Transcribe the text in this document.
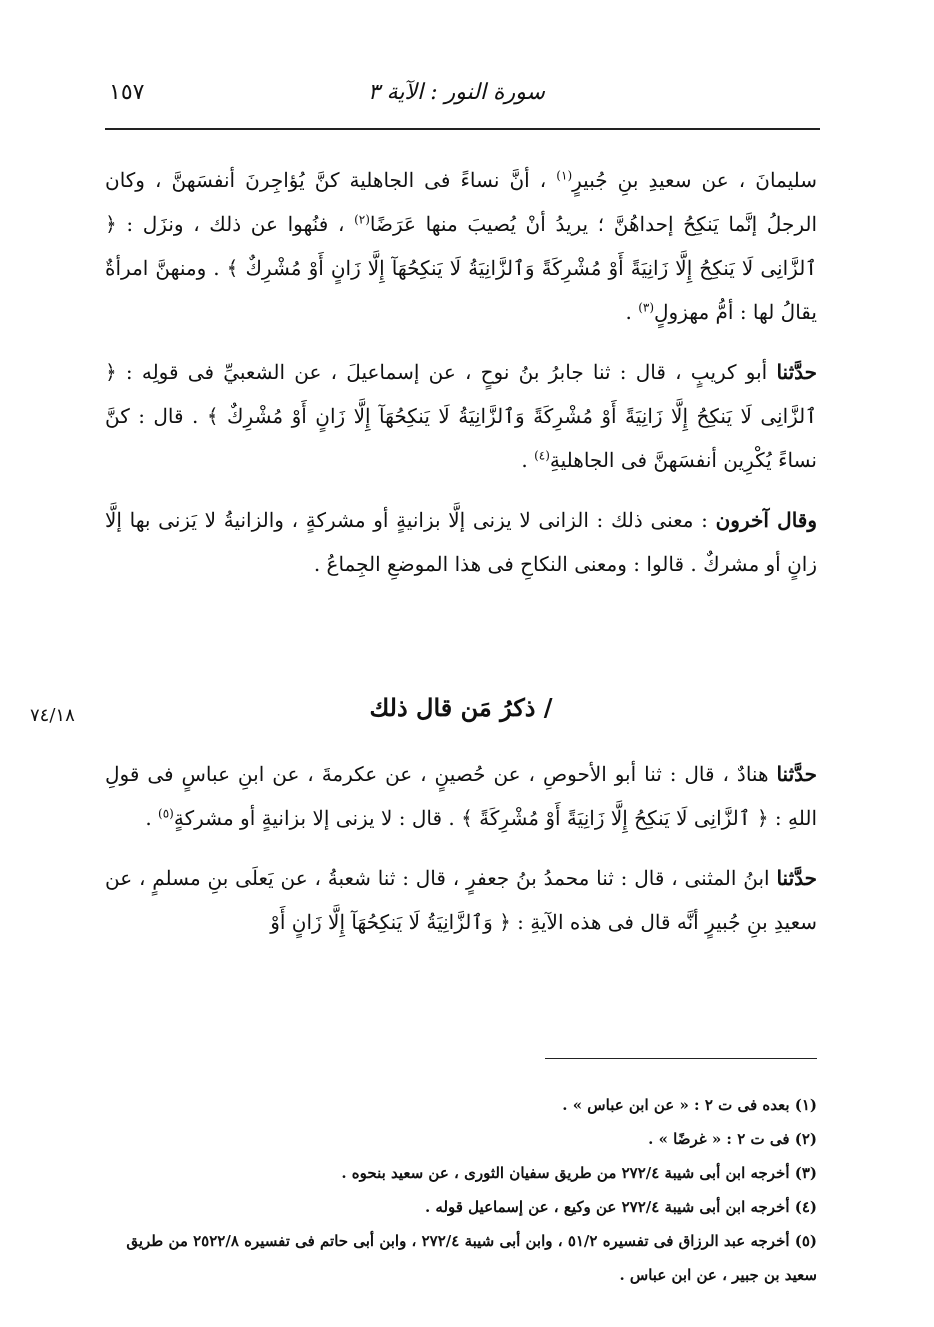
سورة النور : الآية ٣
١٥٧

سليمانَ ، عن سعيدِ بنِ جُبيرٍ$^{(١)}$ ، أنَّ نساءً فى الجاهلية كنَّ يُؤاجِرنَ أنفسَهنَّ ، وكان الرجلُ إنَّما يَنكِحُ إحداهُنَّ ؛ يريدُ أنْ يُصيبَ منها عَرَضًا$^{(٢)}$ ، فنُهوا عن ذلك ، ونزَل : ﴿ ٱلزَّانِى لَا يَنكِحُ إِلَّا زَانِيَةً أَوْ مُشْرِكَةً وَٱلزَّانِيَةُ لَا يَنكِحُهَآ إِلَّا زَانٍ أَوْ مُشْرِكٌ ﴾ . ومنهنَّ امرأةٌ يقالُ لها : أمُّ مهزولٍ$^{(٣)}$ .

حدَّثنا أبو كريبٍ ، قال : ثنا جابرُ بنُ نوحٍ ، عن إسماعيلَ ، عن الشعبيِّ فى قولِه : ﴿ ٱلزَّانِى لَا يَنكِحُ إِلَّا زَانِيَةً أَوْ مُشْرِكَةً وَٱلزَّانِيَةُ لَا يَنكِحُهَآ إِلَّا زَانٍ أَوْ مُشْرِكٌ ﴾ . قال : كنَّ نساءً يُكْرِين أنفسَهنَّ فى الجاهليةِ$^{(٤)}$ .

وقال آخرون : معنى ذلك : الزانى لا يزنى إلَّا بزانيةٍ أو مشركةٍ ، والزانيةُ لا يَزنى بها إلَّا زانٍ أو مشركٌ . قالوا : ومعنى النكاحِ فى هذا الموضعِ الجِماعُ .

/ ذكرُ مَن قال ذلك
٧٤/١٨

حدَّثنا هنادٌ ، قال : ثنا أبو الأحوصِ ، عن حُصينٍ ، عن عكرمةَ ، عن ابنِ عباسٍ فى قولِ اللهِ : ﴿ ٱلزَّانِى لَا يَنكِحُ إِلَّا زَانِيَةً أَوْ مُشْرِكَةً ﴾ . قال : لا يزنى إلا بزانيةٍ أو مشركةٍ$^{(٥)}$ .

حدَّثنا ابنُ المثنى ، قال : ثنا محمدُ بنُ جعفرٍ ، قال : ثنا شعبةُ ، عن يَعلَى بنِ مسلمٍ ، عن سعيدِ بنِ جُبيرٍ أنَّه قال فى هذه الآيةِ : ﴿ وَٱلزَّانِيَةُ لَا يَنكِحُهَآ إِلَّا زَانٍ أَوْ

(١) بعده فى ت ٢ : « عن ابن عباس » .

(٢) فى ت ٢ : « غرضًا » .

(٣) أخرجه ابن أبى شيبة ٢٧٢/٤ من طريق سفيان الثورى ، عن سعيد بنحوه .

(٤) أخرجه ابن أبى شيبة ٢٧٢/٤ عن وكيع ، عن إسماعيل قوله .

(٥) أخرجه عبد الرزاق فى تفسيره ٥١/٢ ، وابن أبى شيبة ٢٧٢/٤ ، وابن أبى حاتم فى تفسيره ٢٥٢٢/٨ من طريق سعيد بن جبير ، عن ابن عباس .
